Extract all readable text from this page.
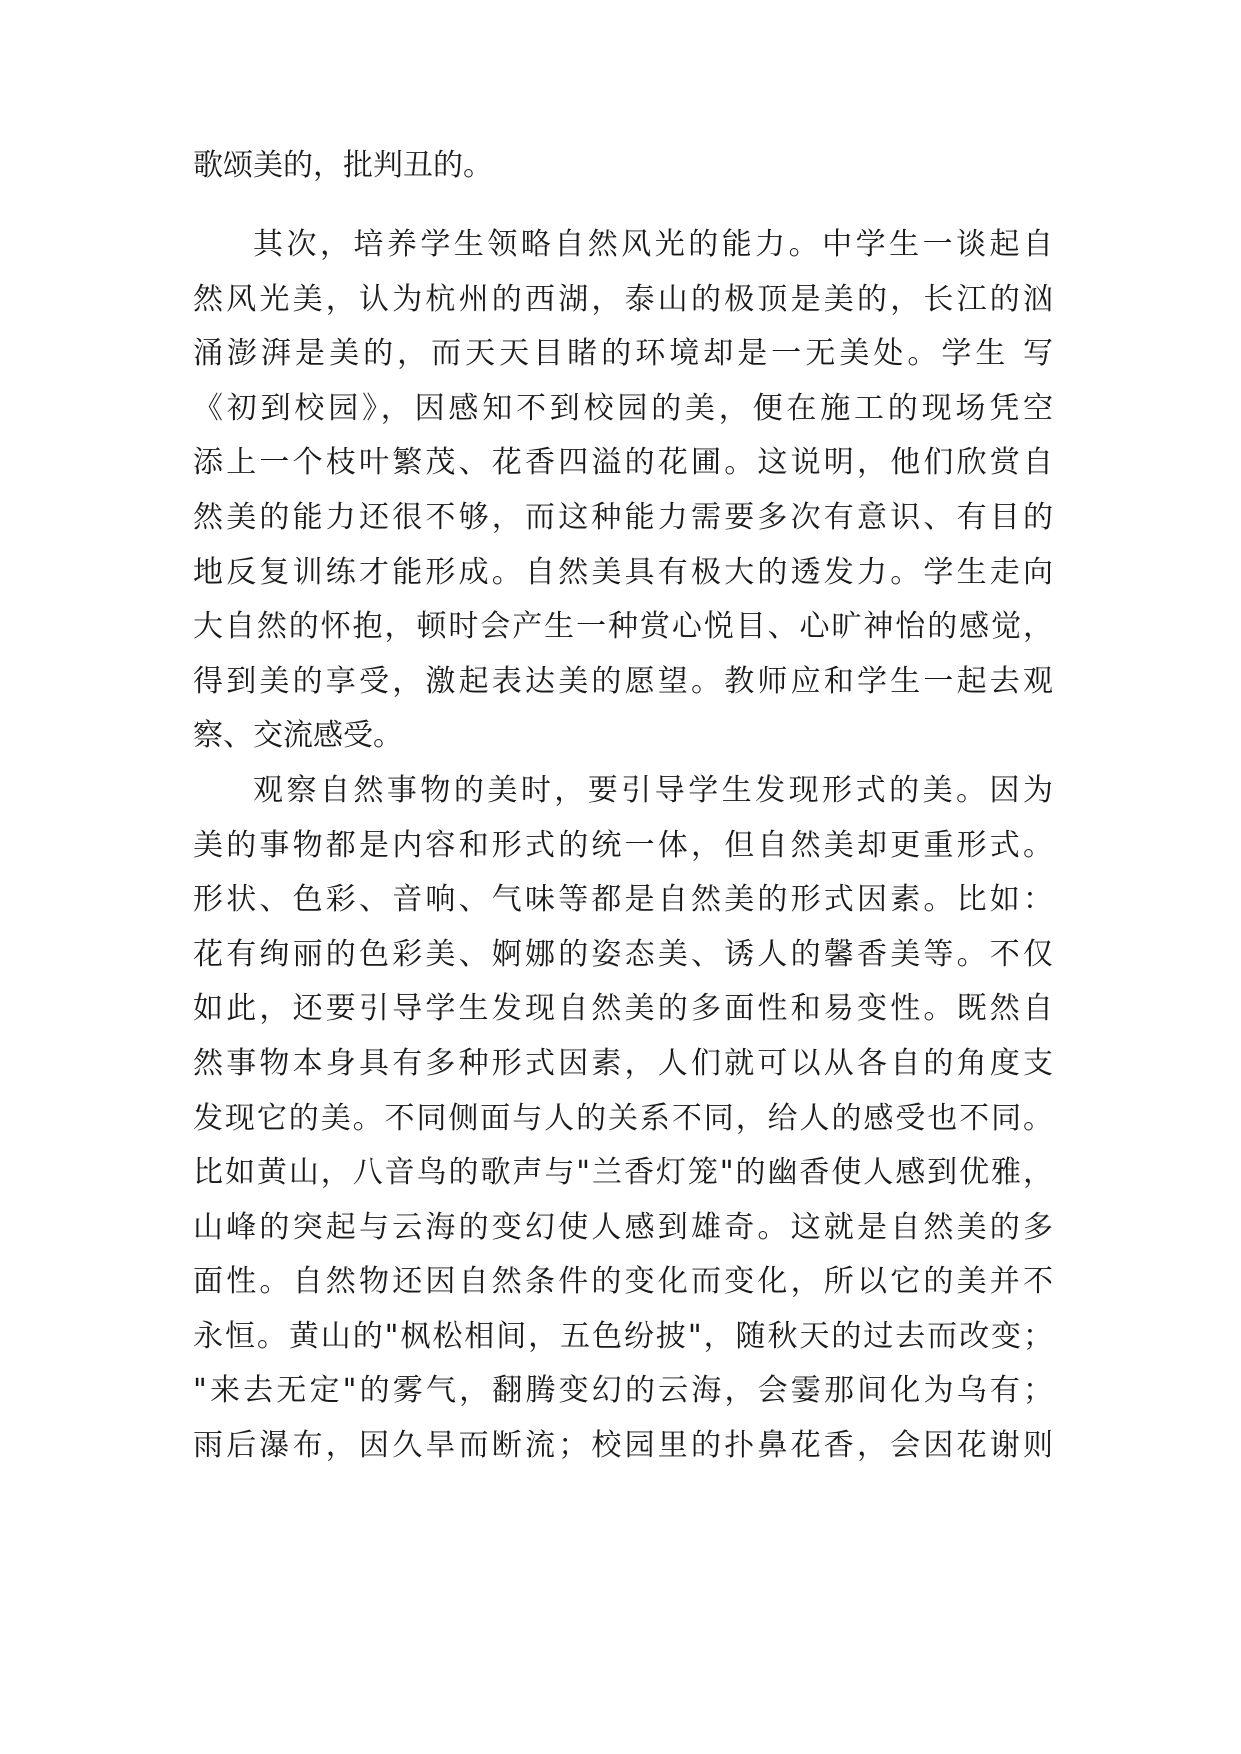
歌颂美的，批判丑的。
其次，培养学生领略自然风光的能力。中学生一谈起自
然风光美，认为杭州的西湖，泰山的极顶是美的，长江的汹
涌澎湃是美的，而天天目睹的环境却是一无美处。学生 写
《初到校园》，因感知不到校园的美，便在施工的现场凭空
添上一个枝叶繁茂、花香四溢的花圃。这说明，他们欣赏自
然美的能力还很不够，而这种能力需要多次有意识、有目的
地反复训练才能形成。自然美具有极大的透发力。学生走向
大自然的怀抱，顿时会产生一种赏心悦目、心旷神怡的感觉，
得到美的享受，激起表达美的愿望。教师应和学生一起去观
察、交流感受。
观察自然事物的美时，要引导学生发现形式的美。因为
美的事物都是内容和形式的统一体，但自然美却更重形式。
形状、色彩、音响、气味等都是自然美的形式因素。比如：
花有绚丽的色彩美、婀娜的姿态美、诱人的馨香美等。不仅
如此，还要引导学生发现自然美的多面性和易变性。既然自
然事物本身具有多种形式因素，人们就可以从各自的角度支
发现它的美。不同侧面与人的关系不同，给人的感受也不同。
比如黄山，八音鸟的歌声与"兰香灯笼"的幽香使人感到优雅，
山峰的突起与云海的变幻使人感到雄奇。这就是自然美的多
面性。自然物还因自然条件的变化而变化，所以它的美并不
永恒。黄山的"枫松相间，五色纷披"，随秋天的过去而改变；
"来去无定"的雾气，翻腾变幻的云海，会霎那间化为乌有；
雨后瀑布，因久旱而断流；校园里的扑鼻花香，会因花谢则
